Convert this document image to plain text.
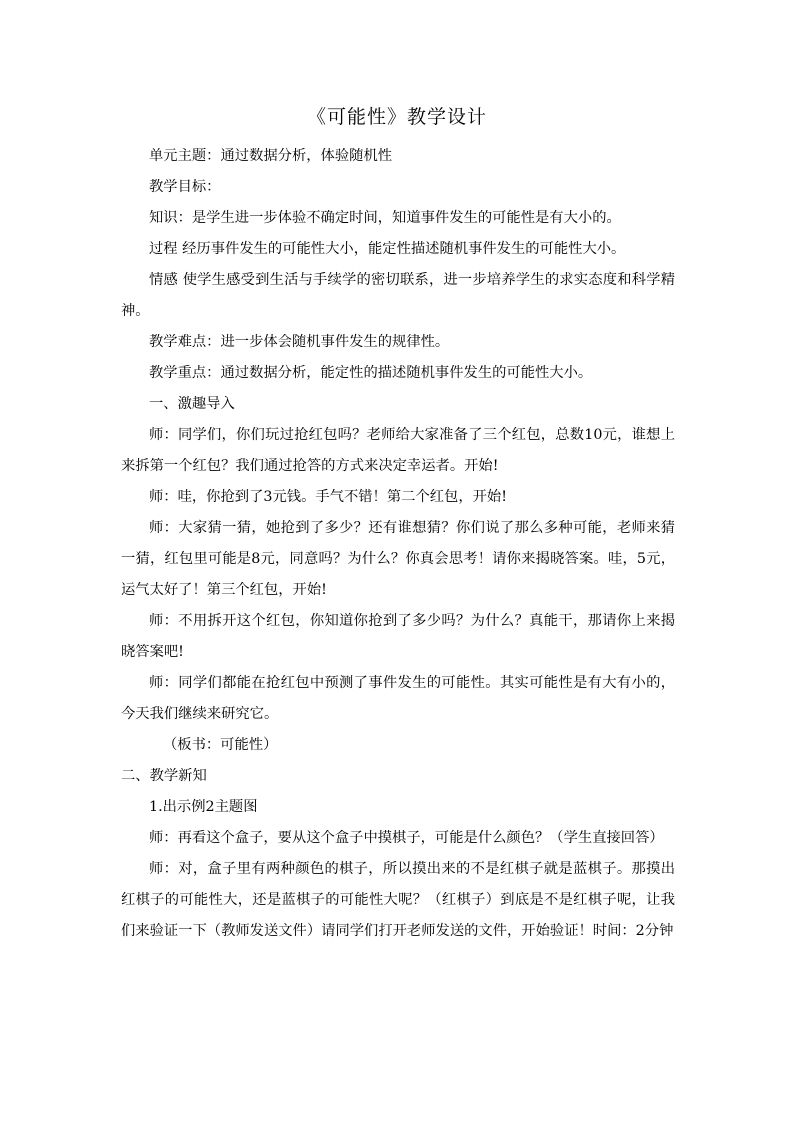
《可能性》教学设计

单元主题：通过数据分析，体验随机性

教学目标：

知识：是学生进一步体验不确定时间，知道事件发生的可能性是有大小的。

过程 经历事件发生的可能性大小，能定性描述随机事件发生的可能性大小。

情感 使学生感受到生活与手续学的密切联系，进一步培养学生的求实态度和科学精神。

教学难点：进一步体会随机事件发生的规律性。

教学重点：通过数据分析，能定性的描述随机事件发生的可能性大小。

一、激趣导入

师：同学们，你们玩过抢红包吗？老师给大家准备了三个红包，总数10元，谁想上来拆第一个红包？我们通过抢答的方式来决定幸运者。开始!

师：哇，你抢到了3元钱。手气不错！第二个红包，开始!

师：大家猜一猜，她抢到了多少？还有谁想猜？你们说了那么多种可能，老师来猜一猜，红包里可能是8元，同意吗？为什么？你真会思考！请你来揭晓答案。哇，5元，运气太好了！第三个红包，开始!

师：不用拆开这个红包，你知道你抢到了多少吗？为什么？真能干，那请你上来揭晓答案吧!

师：同学们都能在抢红包中预测了事件发生的可能性。其实可能性是有大有小的，今天我们继续来研究它。

（板书：可能性）

二、教学新知

1.出示例2主题图

师：再看这个盒子，要从这个盒子中摸棋子，可能是什么颜色？（学生直接回答）

师：对，盒子里有两种颜色的棋子，所以摸出来的不是红棋子就是蓝棋子。那摸出红棋子的可能性大，还是蓝棋子的可能性大呢？（红棋子）到底是不是红棋子呢，让我们来验证一下（教师发送文件）请同学们打开老师发送的文件，开始验证！时间：2分钟
